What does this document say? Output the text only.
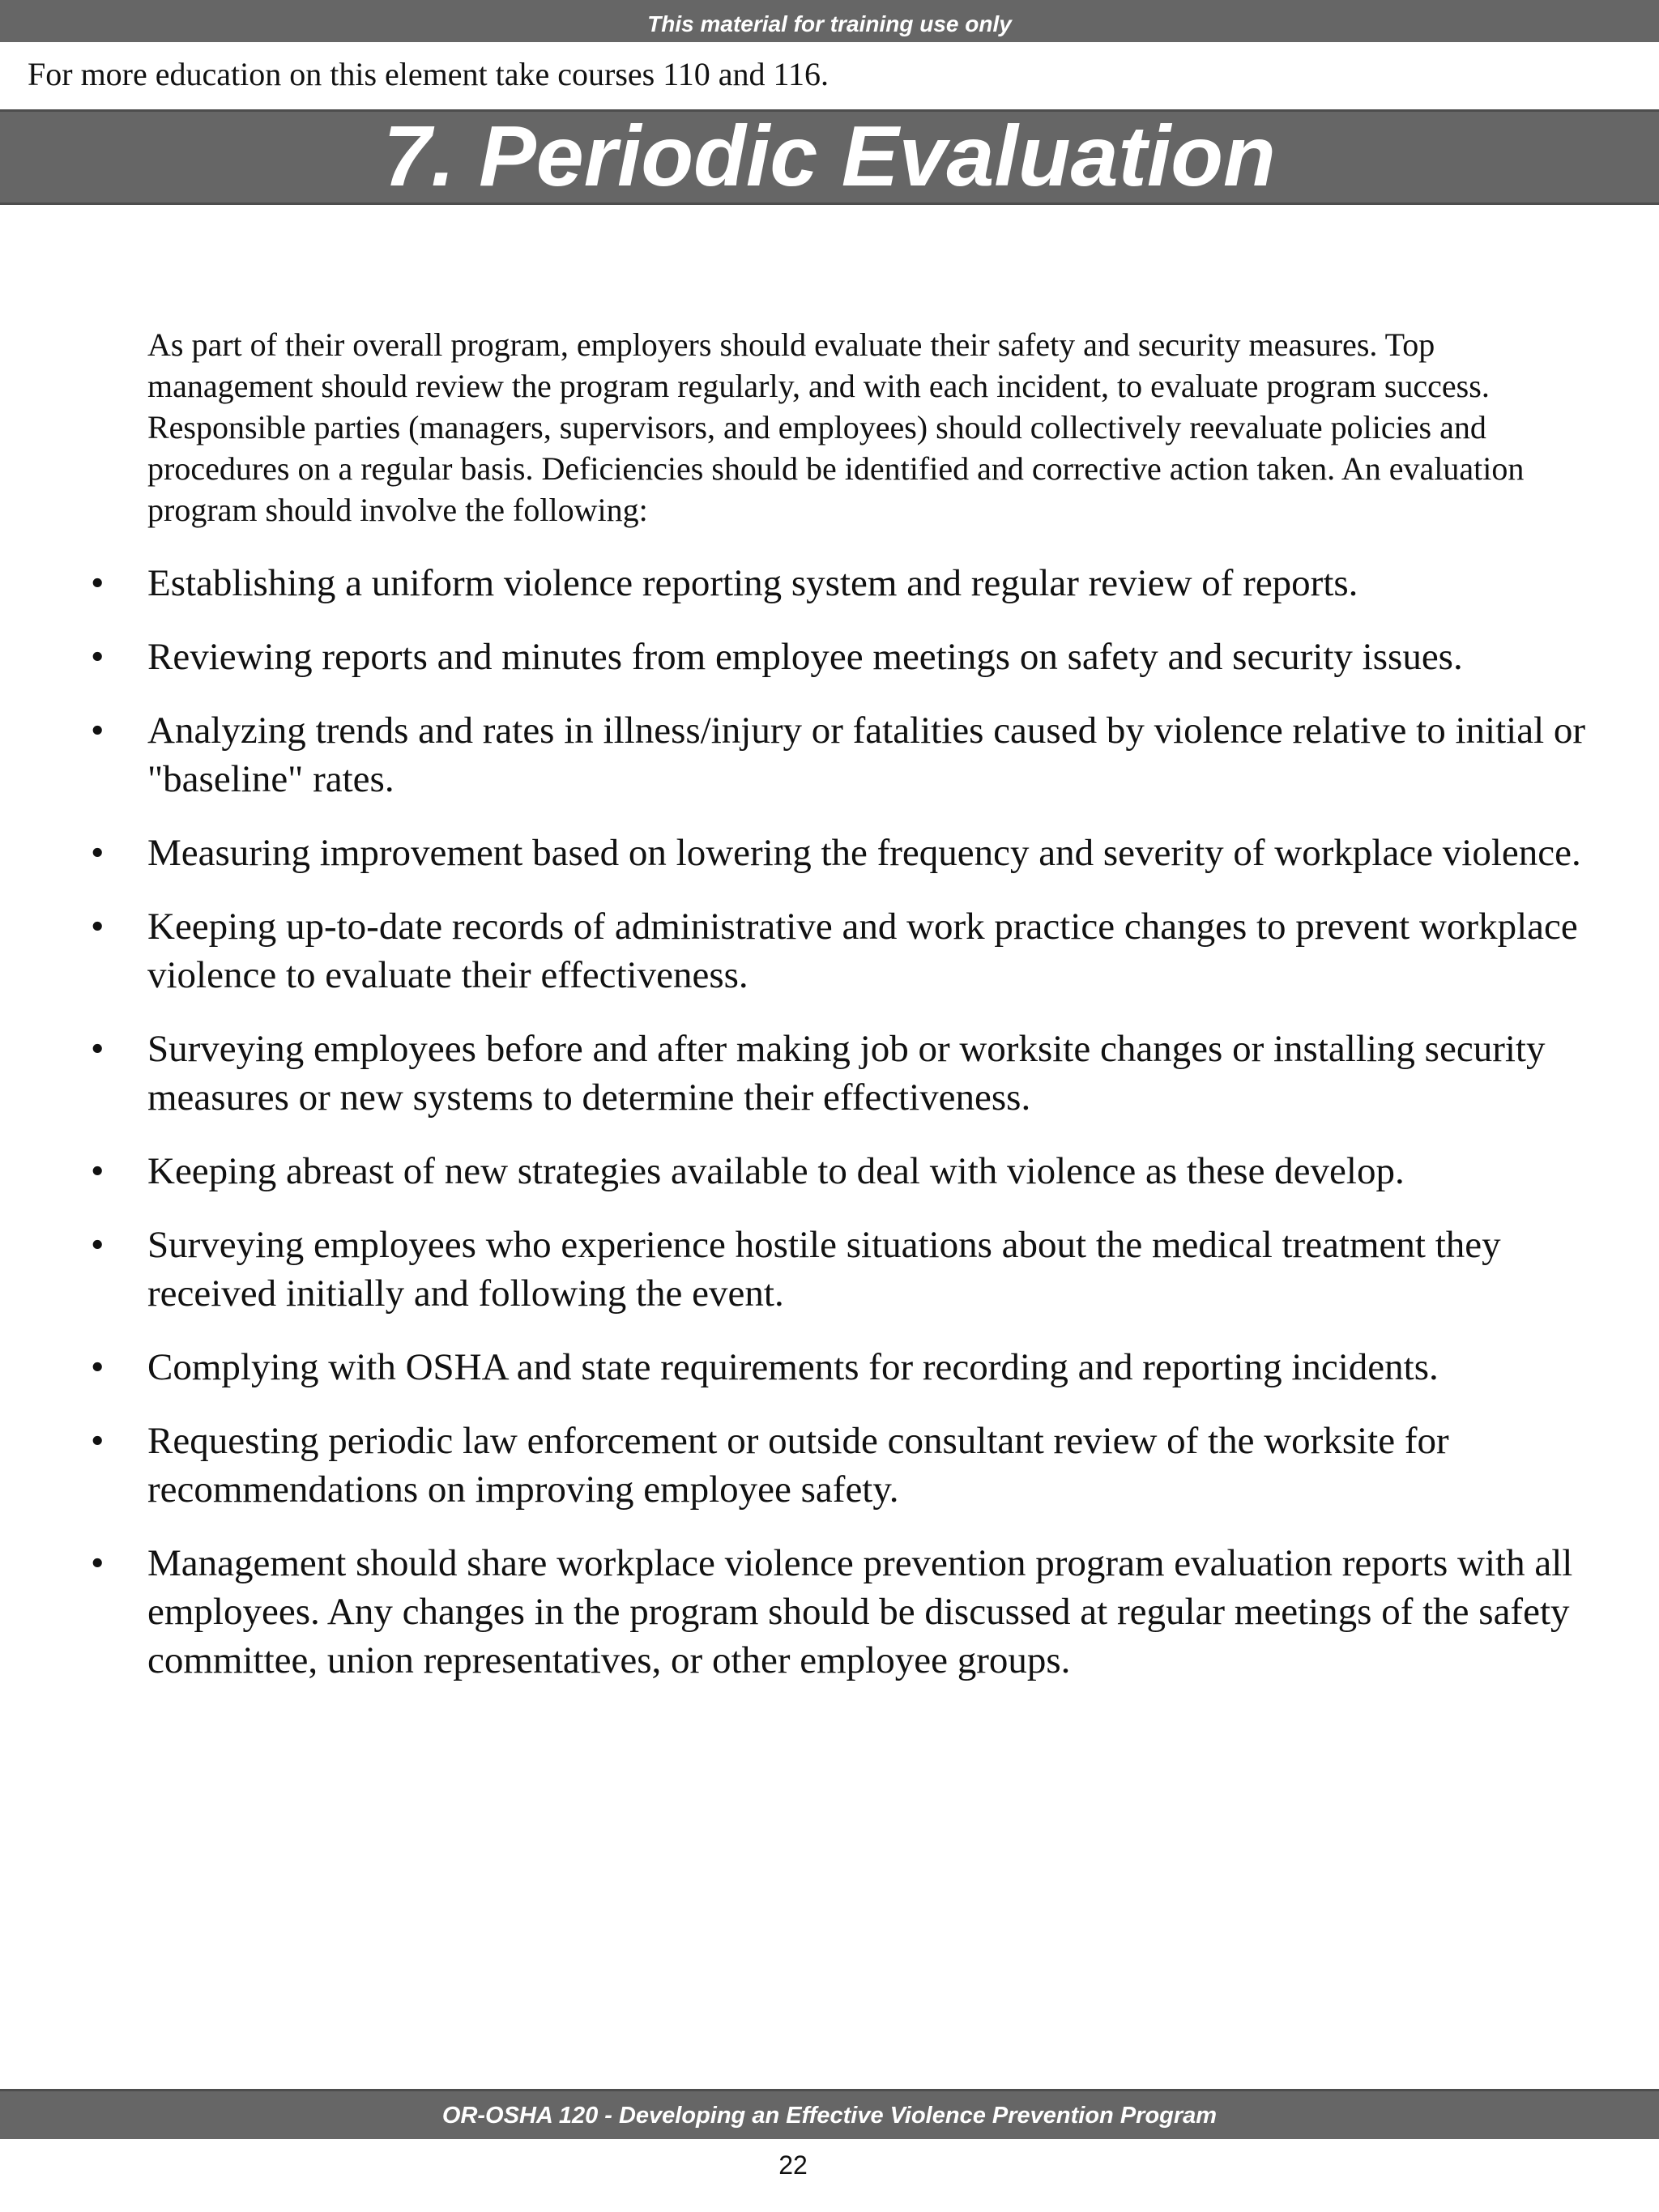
This material for training use only
For more education on this element take courses 110 and 116.
7. Periodic Evaluation

As part of their overall program, employers should evaluate their safety and security measures. Top management should review the program regularly, and with each incident, to evaluate program success. Responsible parties (managers, supervisors, and employees) should collectively reevaluate policies and procedures on a regular basis. Deficiencies should be identified and corrective action taken. An evaluation program should involve the following:

• Establishing a uniform violence reporting system and regular review of reports.
• Reviewing reports and minutes from employee meetings on safety and security issues.
• Analyzing trends and rates in illness/injury or fatalities caused by violence relative to initial or "baseline" rates.
• Measuring improvement based on lowering the frequency and severity of workplace violence.
• Keeping up-to-date records of administrative and work practice changes to prevent workplace violence to evaluate their effectiveness.
• Surveying employees before and after making job or worksite changes or installing security measures or new systems to determine their effectiveness.
• Keeping abreast of new strategies available to deal with violence as these develop.
• Surveying employees who experience hostile situations about the medical treatment they received initially and following the event.
• Complying with OSHA and state requirements for recording and reporting incidents.
• Requesting periodic law enforcement or outside consultant review of the worksite for recommendations on improving employee safety.
• Management should share workplace violence prevention program evaluation reports with all employees. Any changes in the program should be discussed at regular meetings of the safety committee, union representatives, or other employee groups.
OR-OSHA 120 - Developing an Effective Violence Prevention Program
22
